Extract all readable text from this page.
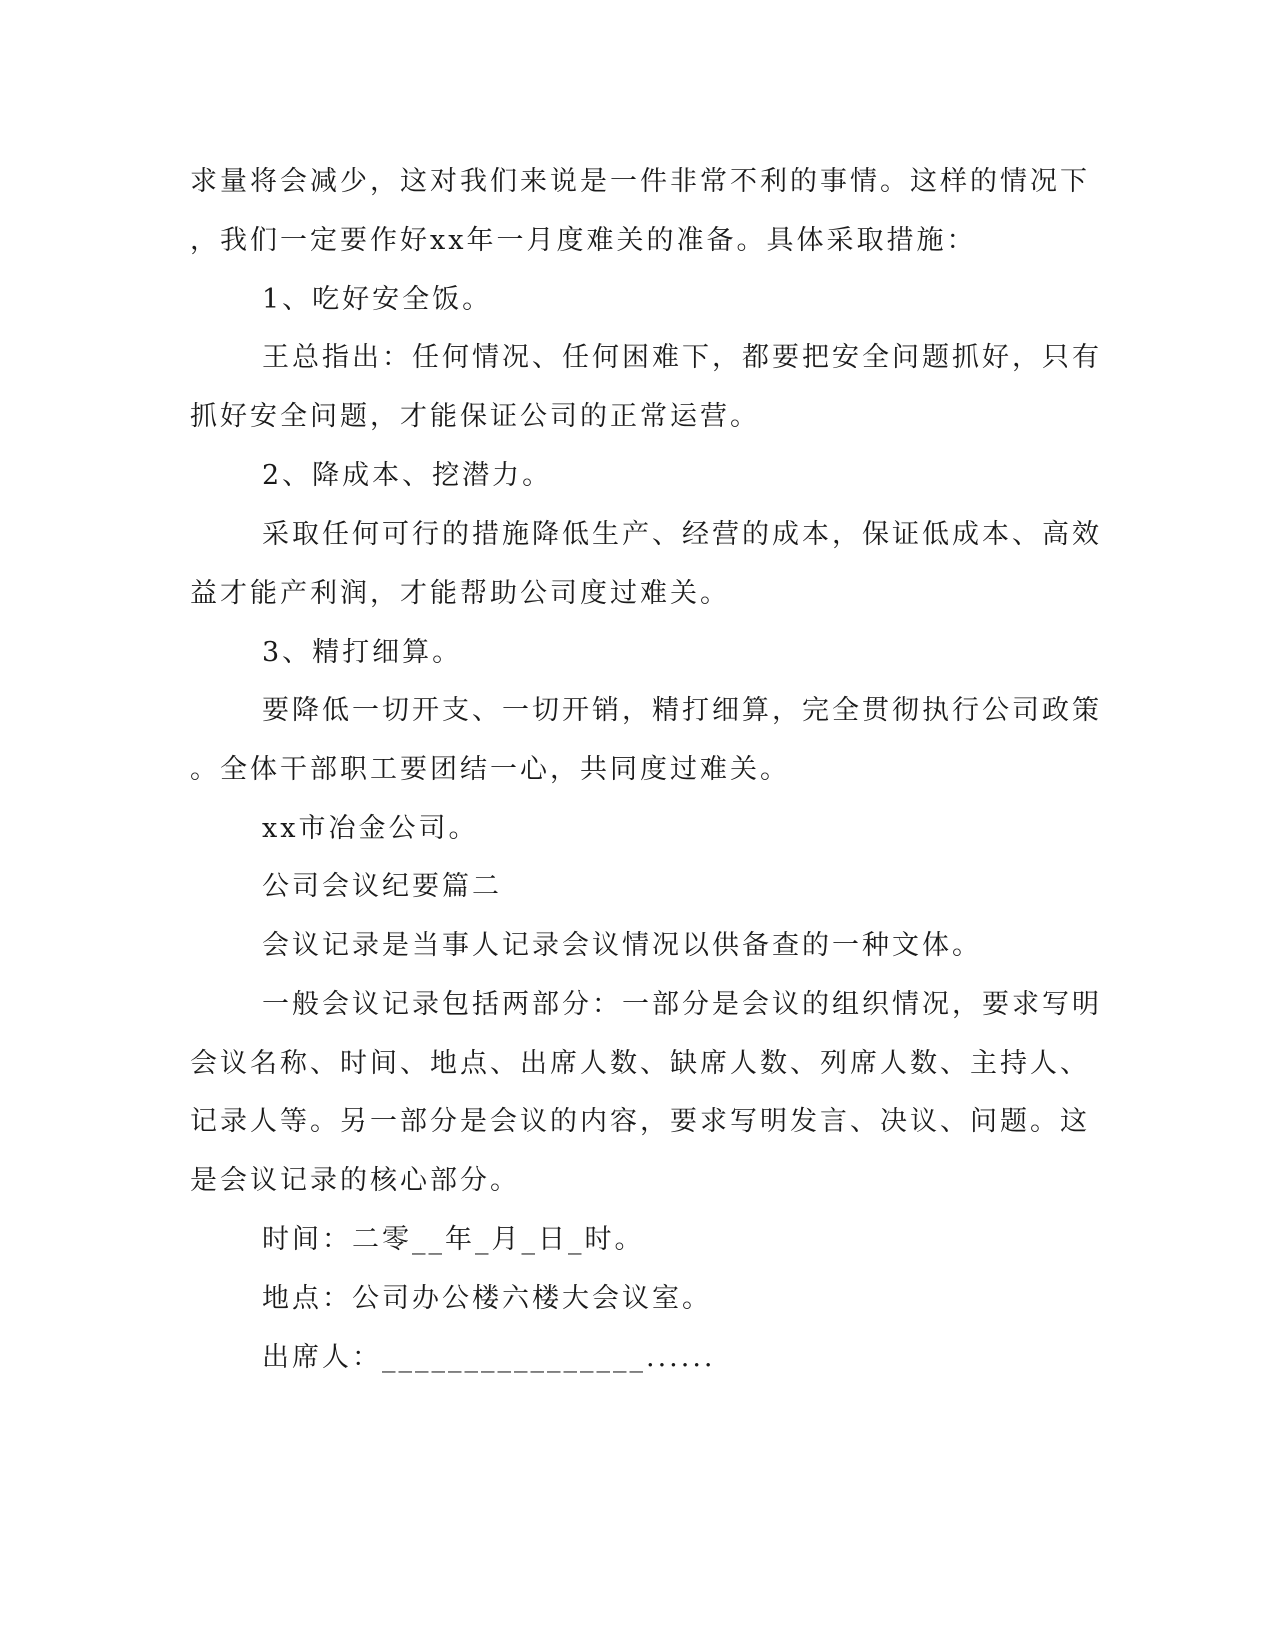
求量将会减少，这对我们来说是一件非常不利的事情。这样的情况下
，我们一定要作好xx年一月度难关的准备。具体采取措施：
1、吃好安全饭。
王总指出：任何情况、任何困难下，都要把安全问题抓好，只有
抓好安全问题，才能保证公司的正常运营。
2、降成本、挖潜力。
采取任何可行的措施降低生产、经营的成本，保证低成本、高效
益才能产利润，才能帮助公司度过难关。
3、精打细算。
要降低一切开支、一切开销，精打细算，完全贯彻执行公司政策
。全体干部职工要团结一心，共同度过难关。
xx市冶金公司。
公司会议纪要篇二
会议记录是当事人记录会议情况以供备查的一种文体。
一般会议记录包括两部分：一部分是会议的组织情况，要求写明
会议名称、时间、地点、出席人数、缺席人数、列席人数、主持人、
记录人等。另一部分是会议的内容，要求写明发言、决议、问题。这
是会议记录的核心部分。
时间：二零__年_月_日_时。
地点：公司办公楼六楼大会议室。
出席人：________________......
